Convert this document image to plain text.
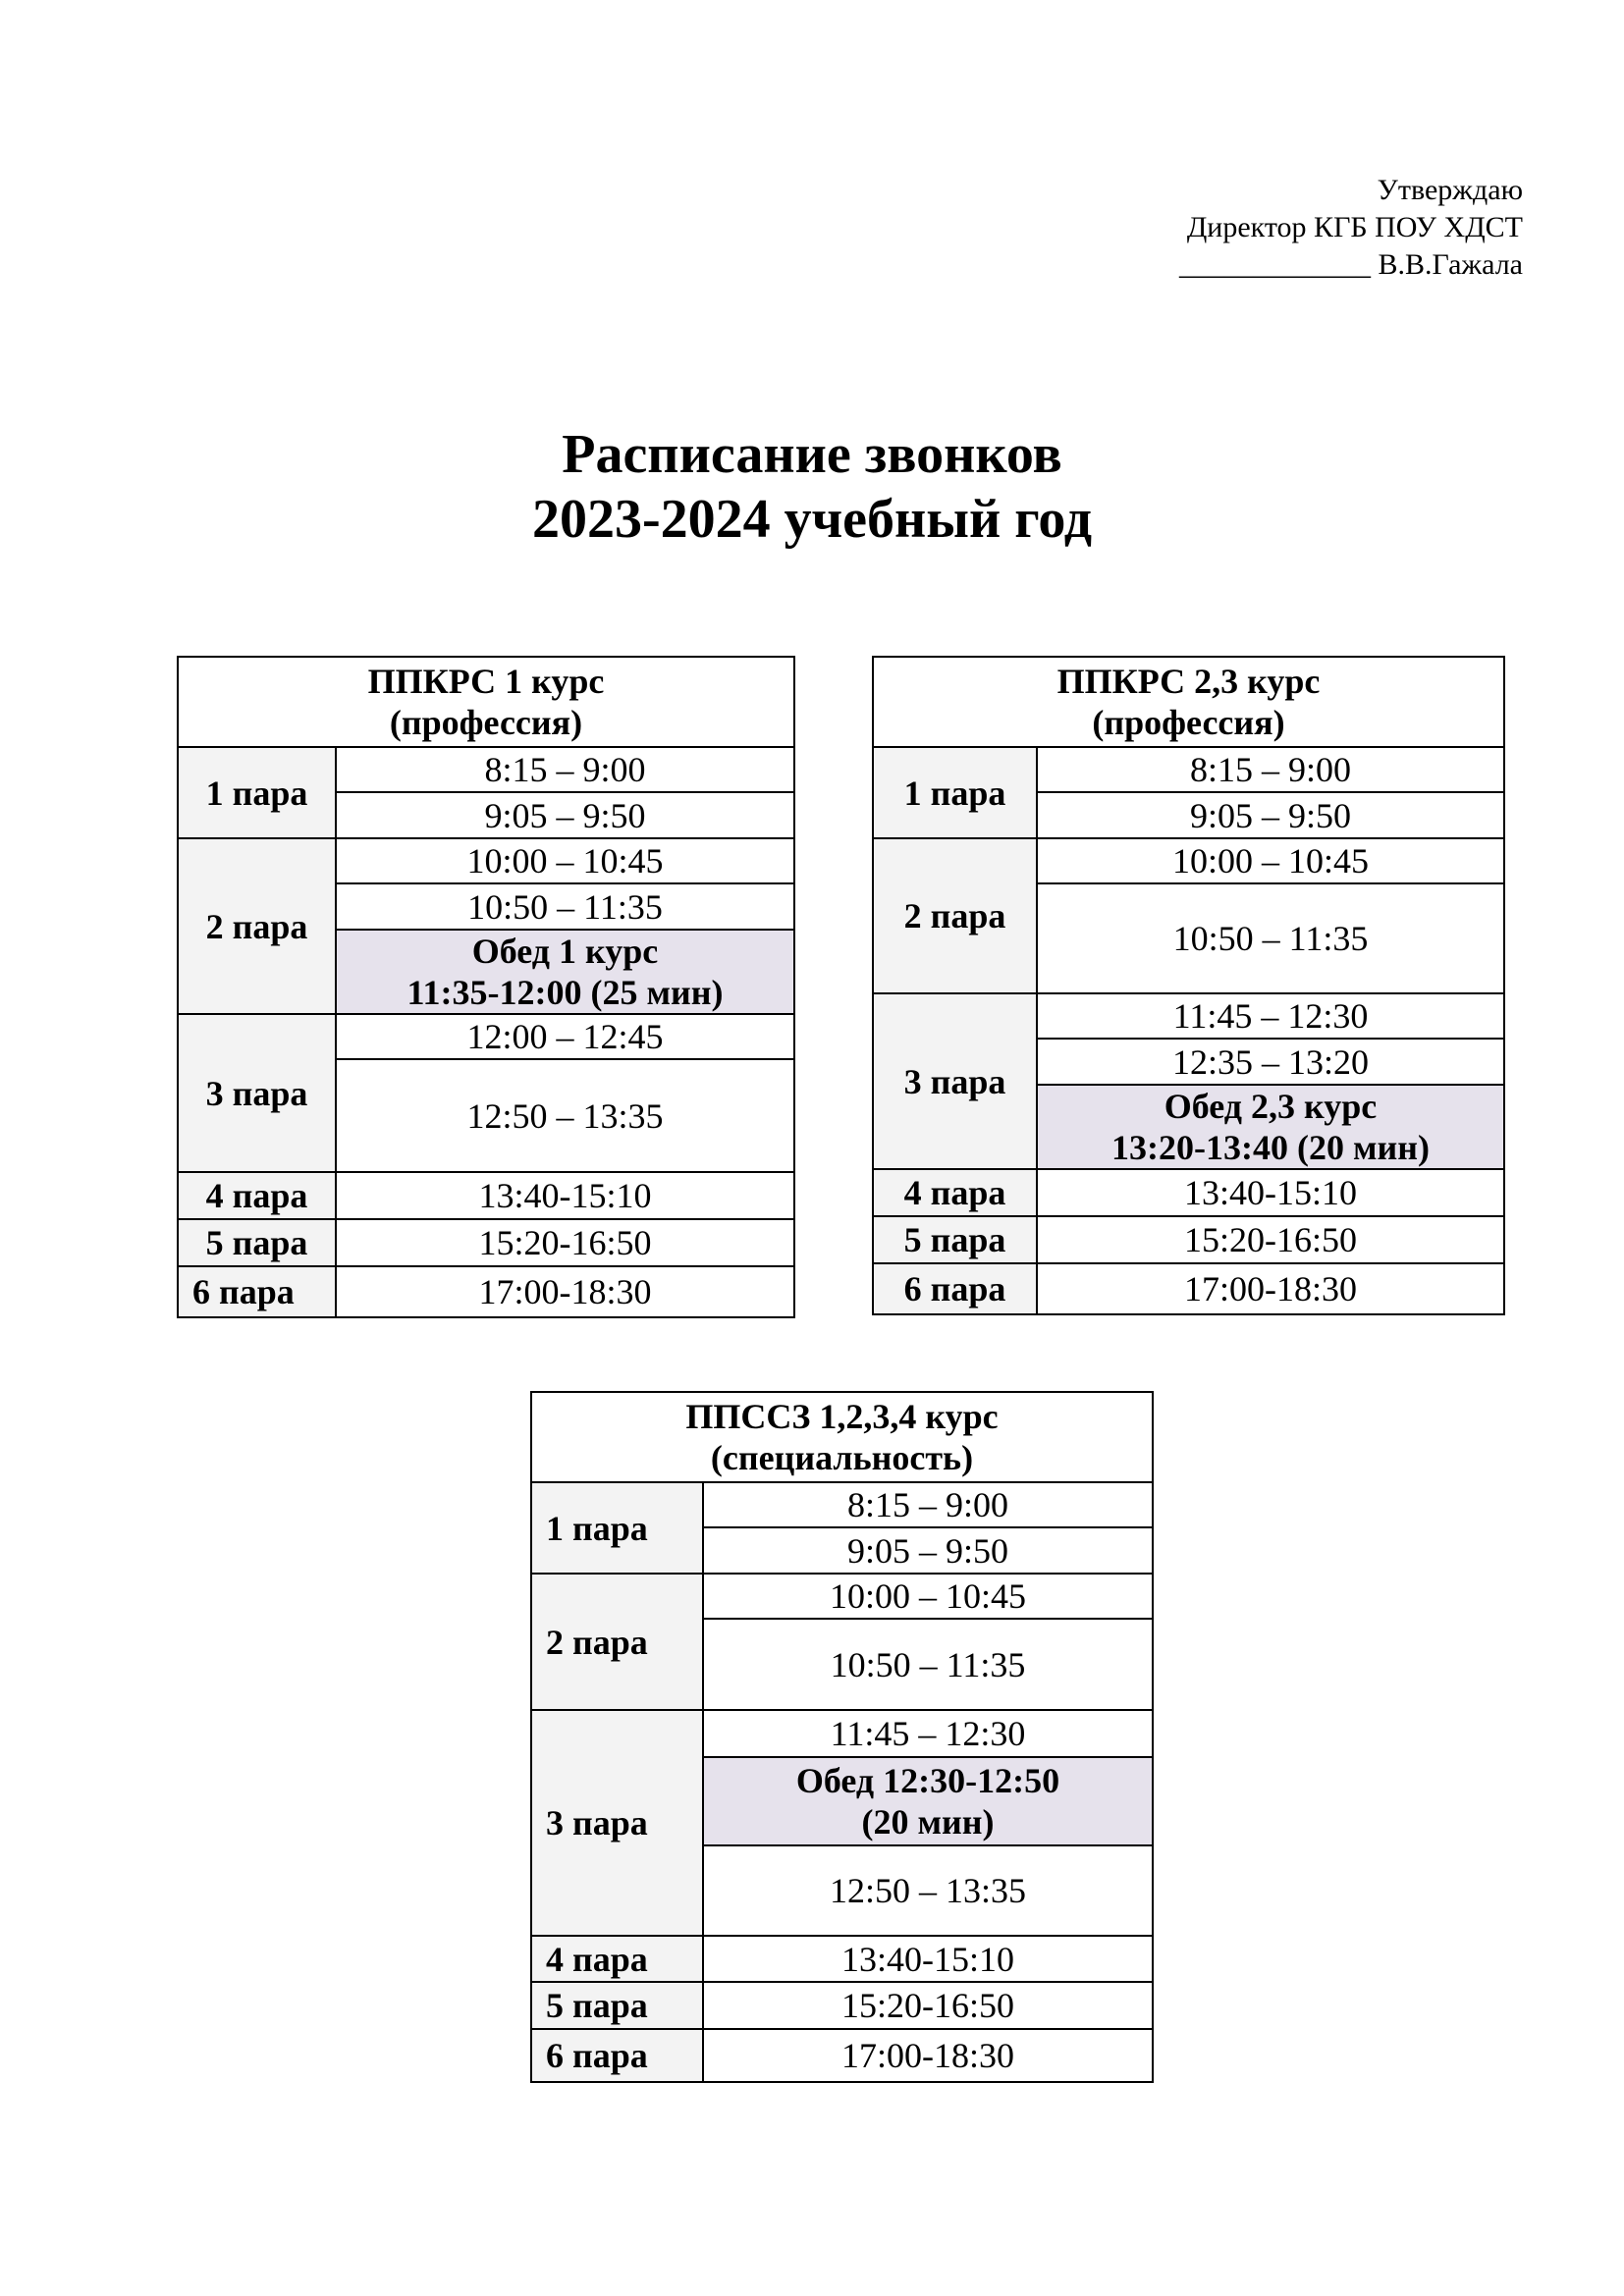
Утверждаю
Директор КГБ ПОУ ХДСТ
_____________ В.В.Гажала
Расписание звонков
2023-2024 учебный год
ППКРС 1 курс
(профессия)	

1 пара	8:15 – 9:00
	9:05 – 9:50
2 пара	10:00 – 10:45
	10:50 – 11:35

	Обед 1 курс
11:35-12:00 (25 мин)

3 пара	12:00 – 12:45
	12:50 – 13:35
4 пара	13:40-15:10
5 пара	15:20-16:50
6 пара	17:00-18:30
ППКРС 2,3 курс
(профессия)	

1 пара	8:15 – 9:00
	9:05 – 9:50
2 пара	10:00 – 10:45
	10:50 – 11:35
3 пара	11:45 – 12:30
	12:35 – 13:20

	Обед 2,3 курс
13:20-13:40 (20 мин)

4 пара	13:40-15:10
5 пара	15:20-16:50
6 пара	17:00-18:30
ППССЗ 1,2,3,4 курс
(специальность)	

1 пара	8:15 – 9:00
	9:05 – 9:50
2 пара	10:00 – 10:45
	10:50 – 11:35
3 пара	11:45 – 12:30

	Обед 12:30-12:50
(20 мин)

	12:50 – 13:35
4 пара	13:40-15:10
5 пара	15:20-16:50
6 пара	17:00-18:30
